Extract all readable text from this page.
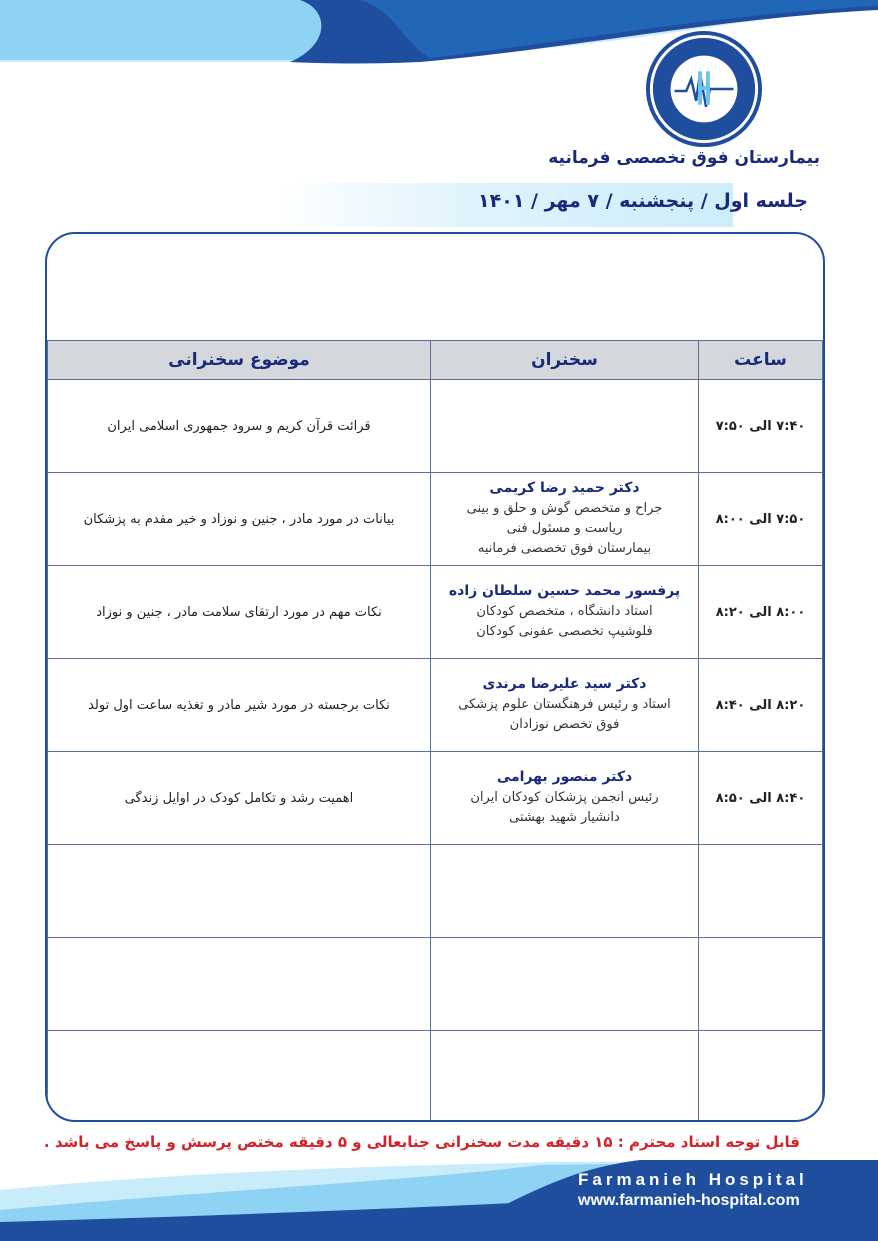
بیمارستان فوق تخصصی فرمانیه
جلسه اول / پنجشنبه / ۷ مهر / ۱۴۰۱
ساعت	سخنران	موضوع سخنرانی
۷:۴۰ الی ۷:۵۰		قرائت قرآن کریم و سرود جمهوری اسلامی ایران
۷:۵۰ الی ۸:۰۰	دکتر حمید رضا کریمی
جراح و متخصص گوش و حلق و بینی
ریاست و مسئول فنی
بیمارستان فوق تخصصی فرمانیه	بیانات در مورد مادر ، جنین و نوزاد و خیر مقدم به پزشکان
۸:۰۰ الی ۸:۲۰	پرفسور محمد حسین سلطان زاده
استاد دانشگاه ، متخصص کودکان
فلوشیپ تخصصی عفونی کودکان	نکات مهم در مورد ارتقای سلامت مادر ، جنین و نوزاد
۸:۲۰ الی ۸:۴۰	دکتر سید علیرضا مرندی
استاد و رئیس فرهنگستان علوم پزشکی
فوق تخصص نوزادان	نکات برجسته در مورد شیر مادر و تغذیه ساعت اول تولد
۸:۴۰ الی ۸:۵۰	دکتر منصور بهرامی
رئیس انجمن پزشکان کودکان ایران
دانشیار شهید بهشتی	اهمیت رشد و تکامل کودک در اوایل زندگی

قابل توجه استاد محترم : ۱۵ دقیقه مدت سخنرانی جنابعالی و ۵ دقیقه مختص پرسش و پاسخ می باشد .
Farmanieh Hospital
www.farmanieh-hospital.com
